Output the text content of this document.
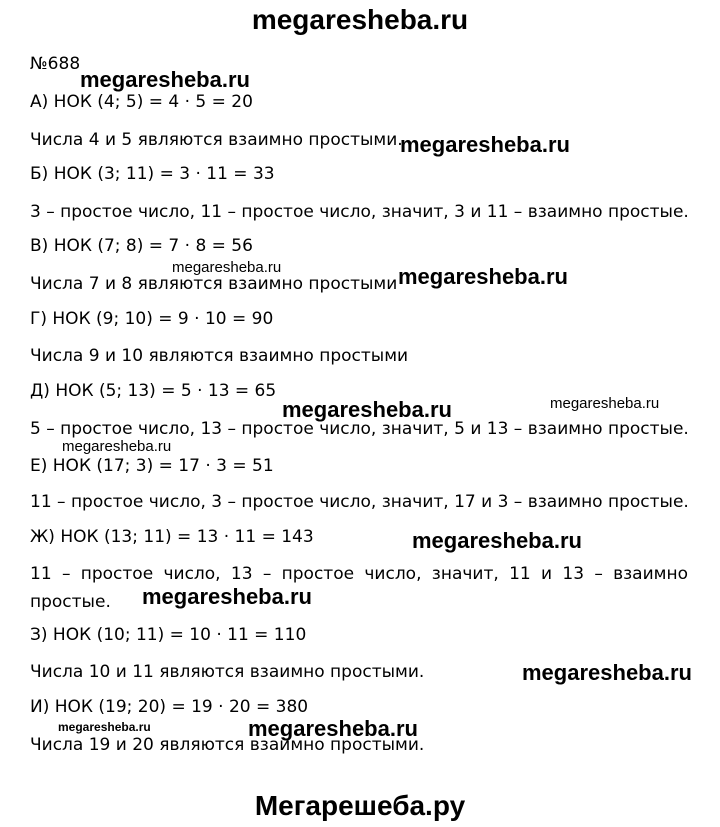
megaresheba.ru
№688
А) НОК (4; 5) = 4 · 5 = 20
Числа 4 и 5 являются взаимно простыми.
Б) НОК (3; 11) = 3 · 11 = 33
3 – простое число, 11 – простое число, значит, 3 и 11 – взаимно простые.
В) НОК (7; 8) = 7 · 8 = 56
Числа 7 и 8 являются взаимно простыми
Г) НОК (9; 10) = 9 · 10 = 90
Числа 9 и 10 являются взаимно простыми
Д) НОК (5; 13) = 5 · 13 = 65
5 – простое число, 13 – простое число, значит, 5 и 13 – взаимно простые.
Е) НОК (17; 3) = 17 · 3 = 51
11 – простое число, 3 – простое число, значит, 17 и 3 – взаимно простые.
Ж) НОК (13; 11) = 13 · 11 = 143
11 – простое число, 13 – простое число, значит, 11 и 13 – взаимно простые.
З) НОК (10; 11) = 10 · 11 = 110
Числа 10 и 11 являются взаимно простыми.
И) НОК (19; 20) = 19 · 20 = 380
Числа 19 и 20 являются взаимно простыми.
megaresheba.ru
megaresheba.ru
megaresheba.ru	megaresheba.ru
megaresheba.ru	megaresheba.ru
megaresheba.ru
megaresheba.ru
megaresheba.ru
megaresheba.ru
megaresheba.ru	megaresheba.ru
Мегарешеба.ру
